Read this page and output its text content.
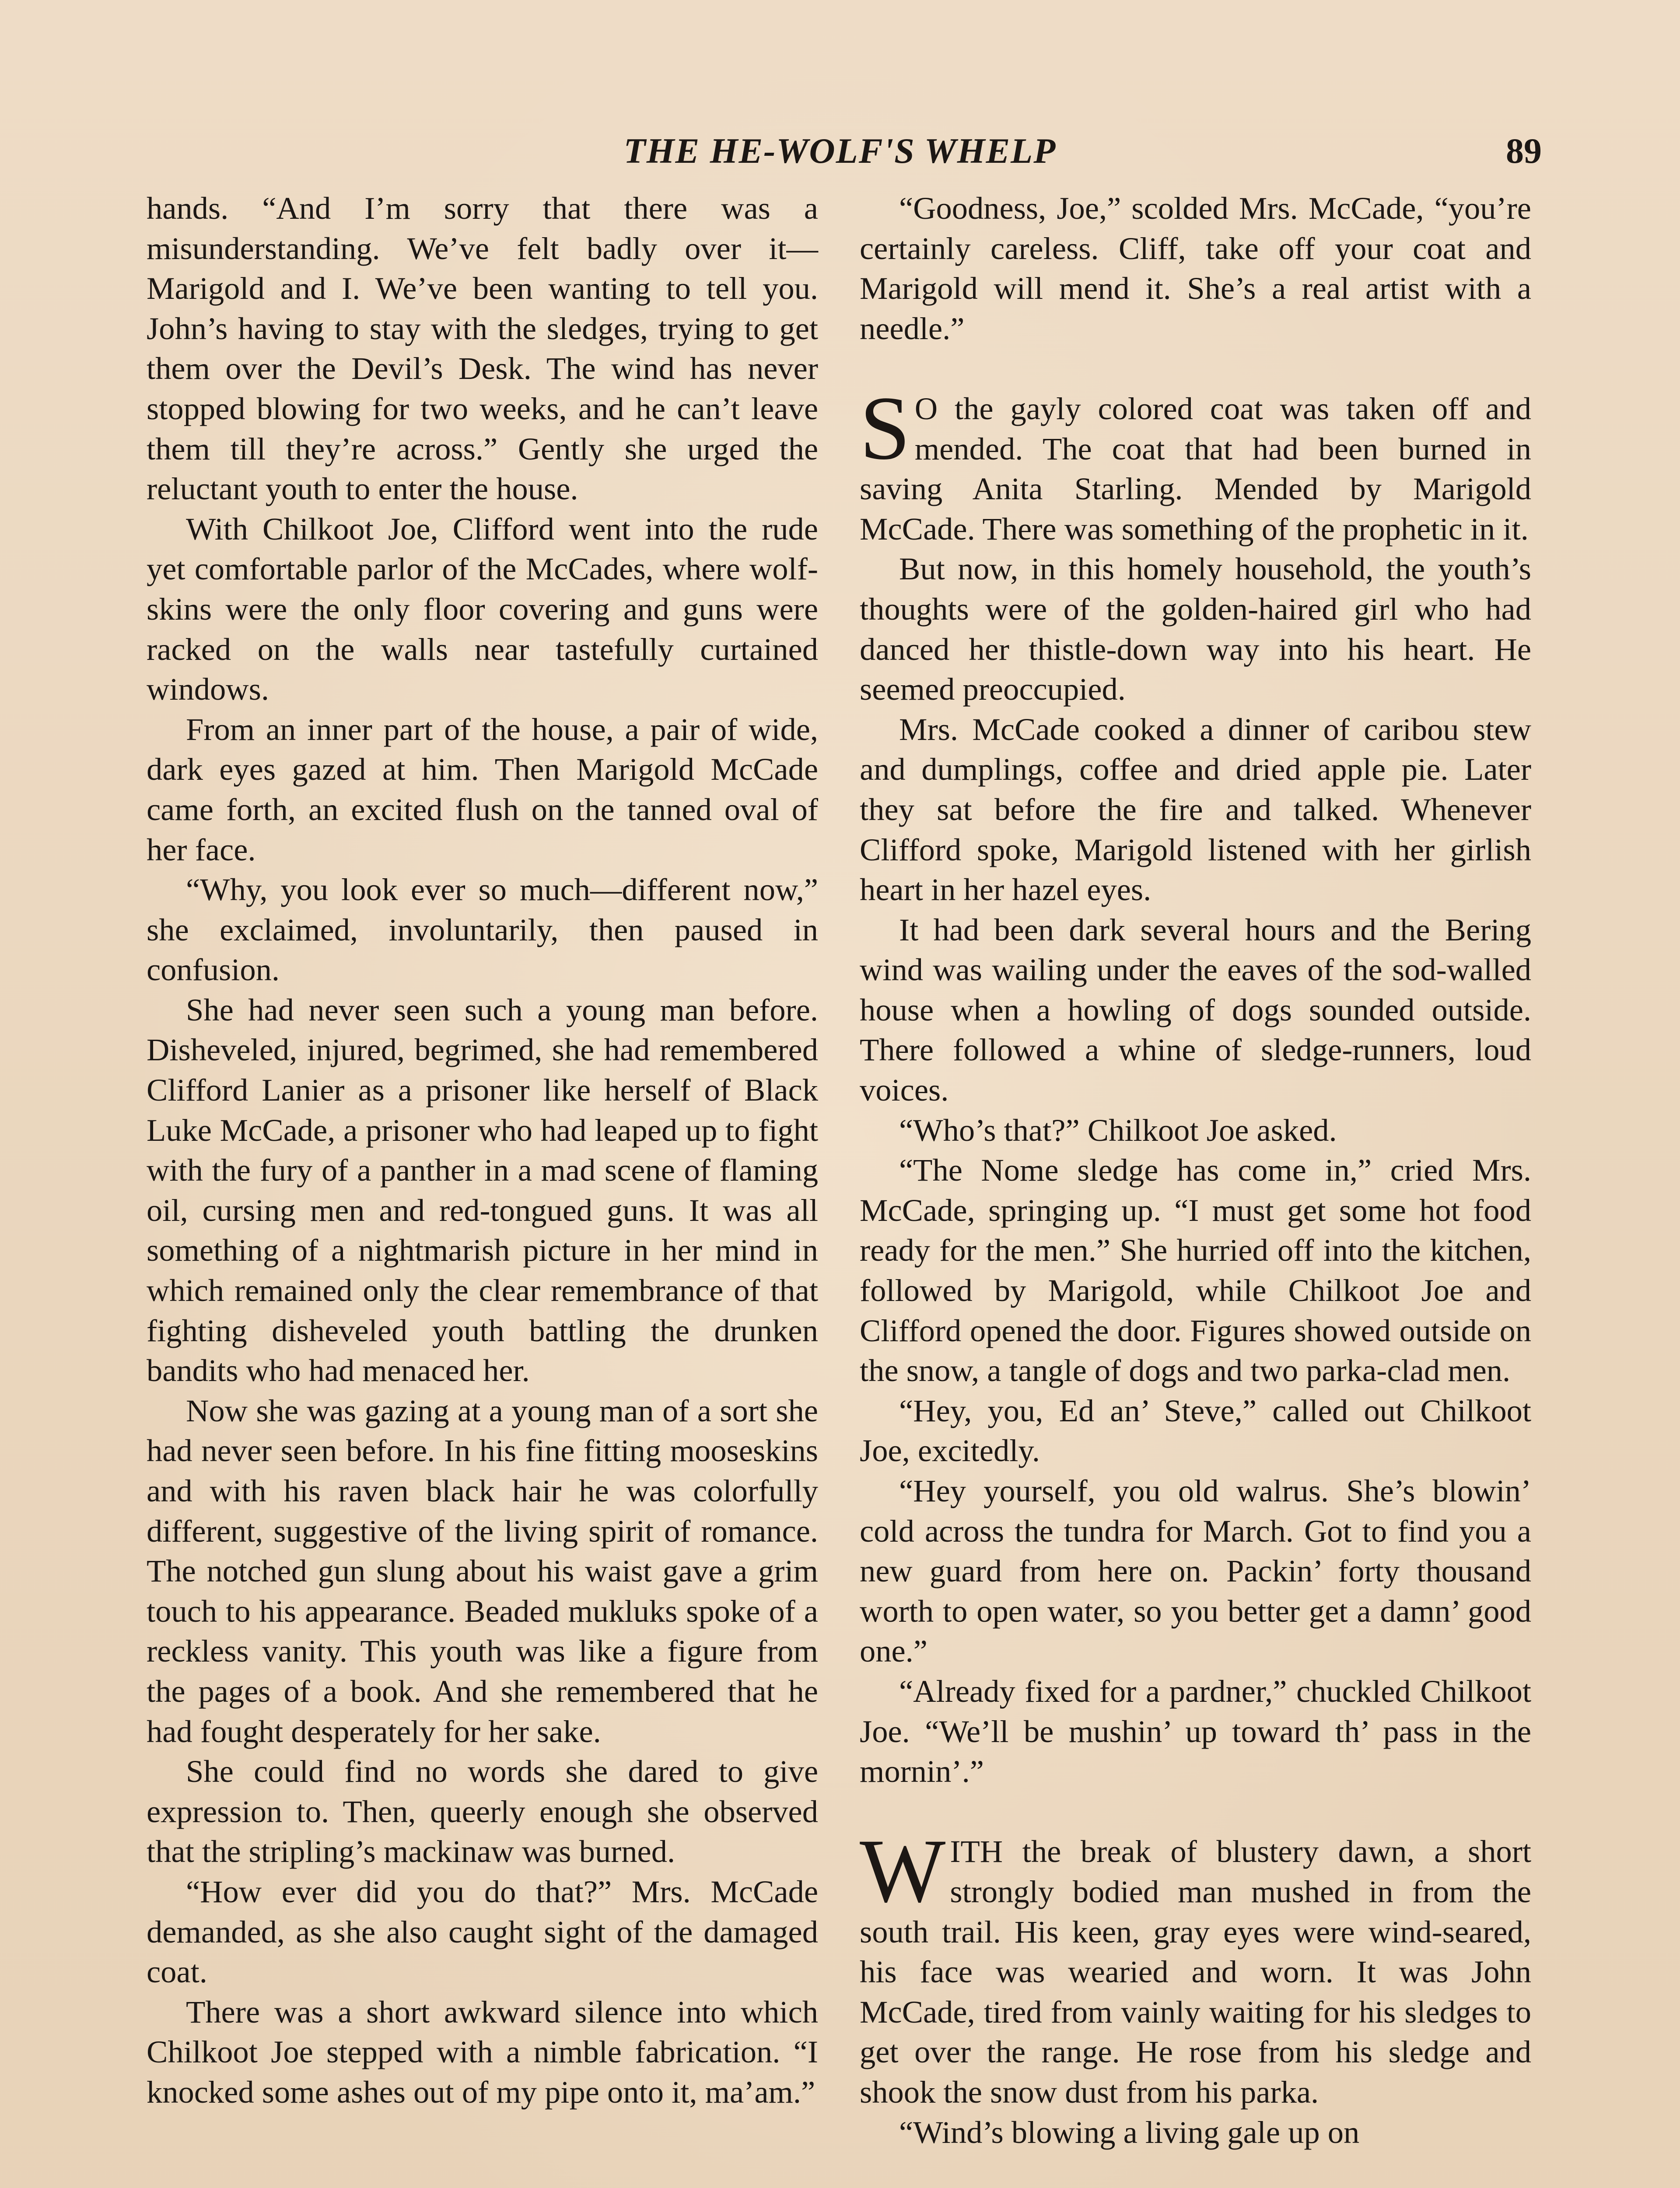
THE HE-WOLF'S WHELP	89

hands. “And I’m sorry that there was a misunderstanding. We’ve felt badly over it—Marigold and I. We’ve been wanting to tell you. John’s having to stay with the sledges, trying to get them over the Devil’s Desk. The wind has never stopped blowing for two weeks, and he can’t leave them till they’re across.” Gently she urged the reluctant youth to enter the house.

With Chilkoot Joe, Clifford went into the rude yet comfortable parlor of the McCades, where wolf-skins were the only floor covering and guns were racked on the walls near tastefully curtained windows.

From an inner part of the house, a pair of wide, dark eyes gazed at him. Then Marigold McCade came forth, an excited flush on the tanned oval of her face.

“Why, you look ever so much—different now,” she exclaimed, involuntarily, then paused in confusion.

She had never seen such a young man before. Disheveled, injured, begrimed, she had remembered Clifford Lanier as a prisoner like herself of Black Luke McCade, a prisoner who had leaped up to fight with the fury of a panther in a mad scene of flaming oil, cursing men and red-tongued guns. It was all something of a nightmarish picture in her mind in which remained only the clear remembrance of that fighting disheveled youth battling the drunken bandits who had menaced her.

Now she was gazing at a young man of a sort she had never seen before. In his fine fitting mooseskins and with his raven black hair he was colorfully different, suggestive of the living spirit of romance. The notched gun slung about his waist gave a grim touch to his appearance. Beaded mukluks spoke of a reckless vanity. This youth was like a figure from the pages of a book. And she remembered that he had fought desperately for her sake.

She could find no words she dared to give expression to. Then, queerly enough she observed that the stripling’s mackinaw was burned.

“How ever did you do that?” Mrs. McCade demanded, as she also caught sight of the damaged coat.

There was a short awkward silence into which Chilkoot Joe stepped with a nimble fabrication. “I knocked some ashes out of my pipe onto it, ma’am.”

“Goodness, Joe,” scolded Mrs. McCade, “you’re certainly careless. Cliff, take off your coat and Marigold will mend it. She’s a real artist with a needle.”

S O the gayly colored coat was taken off and mended. The coat that had been burned in saving Anita Starling. Mended by Marigold McCade. There was something of the prophetic in it.

But now, in this homely household, the youth’s thoughts were of the golden-haired girl who had danced her thistle-down way into his heart. He seemed preoccupied.

Mrs. McCade cooked a dinner of caribou stew and dumplings, coffee and dried apple pie. Later they sat before the fire and talked. Whenever Clifford spoke, Marigold listened with her girlish heart in her hazel eyes.

It had been dark several hours and the Bering wind was wailing under the eaves of the sod-walled house when a howling of dogs sounded outside. There followed a whine of sledge-runners, loud voices.

“Who’s that?” Chilkoot Joe asked.

“The Nome sledge has come in,” cried Mrs. McCade, springing up. “I must get some hot food ready for the men.” She hurried off into the kitchen, followed by Marigold, while Chilkoot Joe and Clifford opened the door. Figures showed outside on the snow, a tangle of dogs and two parka-clad men.

“Hey, you, Ed an’ Steve,” called out Chilkoot Joe, excitedly.

“Hey yourself, you old walrus. She’s blowin’ cold across the tundra for March. Got to find you a new guard from here on. Packin’ forty thousand worth to open water, so you better get a damn’ good one.”

“Already fixed for a pardner,” chuckled Chilkoot Joe. “We’ll be mushin’ up toward th’ pass in the mornin’.”

WITH the break of blustery dawn, a short strongly bodied man mushed in from the south trail. His keen, gray eyes were wind-seared, his face was wearied and worn. It was John McCade, tired from vainly waiting for his sledges to get over the range. He rose from his sledge and shook the snow dust from his parka.

“Wind’s blowing a living gale up on
